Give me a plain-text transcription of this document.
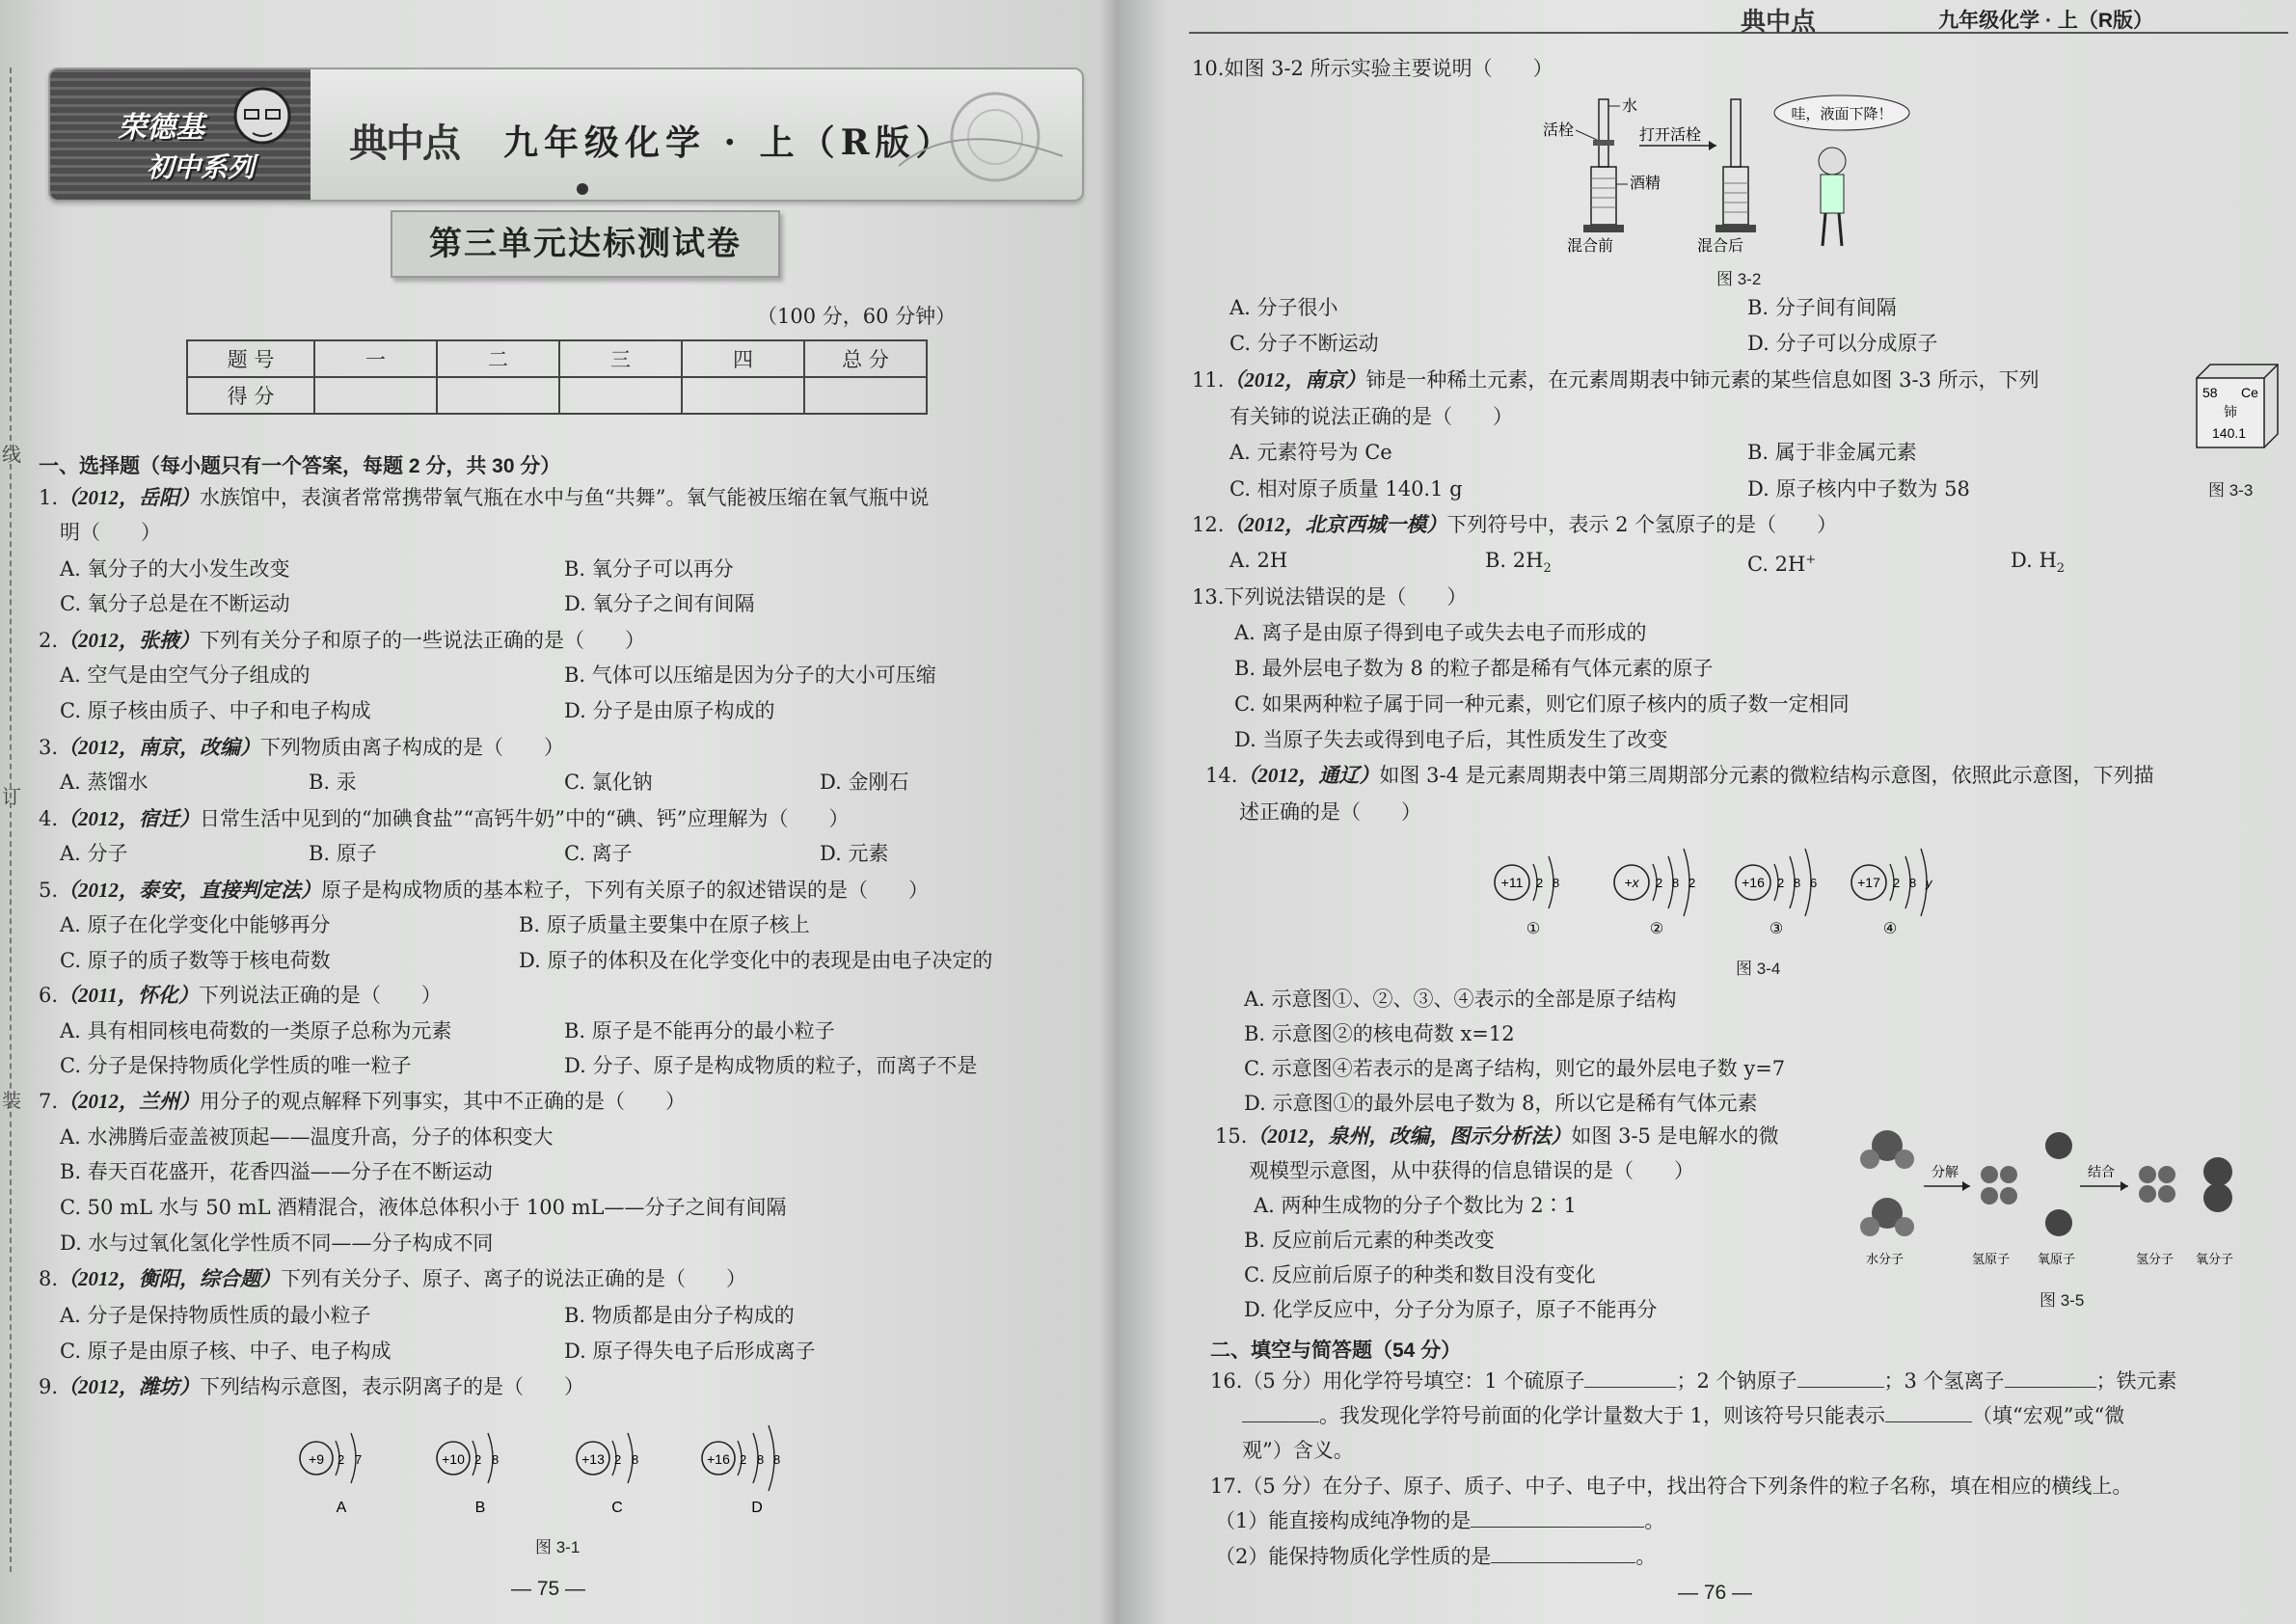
线
订
装
荣德基
初中系列
典中点 九年级化学 · 上（R版）
第三单元达标测试卷
（100 分，60 分钟）
题 号	一	二	三	四	总 分
得 分					
一、选择题（每小题只有一个答案，每题 2 分，共 30 分）
1.（2012，岳阳）水族馆中，表演者常常携带氧气瓶在水中与鱼“共舞”。氧气能被压缩在氧气瓶中说
明（　　）
A. 氧分子的大小发生改变	B. 氧分子可以再分
C. 氧分子总是在不断运动	D. 氧分子之间有间隔
2.（2012，张掖）下列有关分子和原子的一些说法正确的是（　　）
A. 空气是由空气分子组成的	B. 气体可以压缩是因为分子的大小可压缩
C. 原子核由质子、中子和电子构成	D. 分子是由原子构成的
3.（2012，南京，改编）下列物质由离子构成的是（　　）
A. 蒸馏水	B. 汞	C. 氯化钠	D. 金刚石
4.（2012，宿迁）日常生活中见到的“加碘食盐”“高钙牛奶”中的“碘、钙”应理解为（　　）
A. 分子	B. 原子	C. 离子	D. 元素
5.（2012，泰安，直接判定法）原子是构成物质的基本粒子，下列有关原子的叙述错误的是（　　）
A. 原子在化学变化中能够再分	B. 原子质量主要集中在原子核上
C. 原子的质子数等于核电荷数	D. 原子的体积及在化学变化中的表现是由电子决定的
6.（2011，怀化）下列说法正确的是（　　）
A. 具有相同核电荷数的一类原子总称为元素	B. 原子是不能再分的最小粒子
C. 分子是保持物质化学性质的唯一粒子	D. 分子、原子是构成物质的粒子，而离子不是
7.（2012，兰州）用分子的观点解释下列事实，其中不正确的是（　　）
A. 水沸腾后壶盖被顶起——温度升高，分子的体积变大
B. 春天百花盛开，花香四溢——分子在不断运动
C. 50 mL 水与 50 mL 酒精混合，液体总体积小于 100 mL——分子之间有间隔
D. 水与过氧化氢化学性质不同——分子构成不同
8.（2012，衡阳，综合题）下列有关分子、原子、离子的说法正确的是（　　）
A. 分子是保持物质性质的最小粒子	B. 物质都是由分子构成的
C. 原子是由原子核、中子、电子构成	D. 原子得失电子后形成离子
9.（2012，潍坊）下列结构示意图，表示阴离子的是（　　）
+9 2 7
A
+10 2 8
B
+13 2 8
C
+16 2 8 8
D
图 3-1
— 75 —
典中点	九年级化学 · 上（R版）
10.如图 3-2 所示实验主要说明（　　）
活栓
水
酒精
打开活栓
混合前	混合后
哇，液面下降！
图 3-2
A. 分子很小	B. 分子间有间隔
C. 分子不断运动	D. 分子可以分成原子
11.（2012，南京）铈是一种稀土元素，在元素周期表中铈元素的某些信息如图 3-3 所示，下列
有关铈的说法正确的是（　　）
A. 元素符号为 Ce	B. 属于非金属元素
C. 相对原子质量 140.1 g	D. 原子核内中子数为 58
58 Ce
铈
140.1
图 3-3
12.（2012，北京西城一模）下列符号中，表示 2 个氢原子的是（　　）
A. 2H	B. $2H_2$	C. 2H+	D. $H_2$
13.下列说法错误的是（　　）
A. 离子是由原子得到电子或失去电子而形成的
B. 最外层电子数为 8 的粒子都是稀有气体元素的原子
C. 如果两种粒子属于同一种元素，则它们原子核内的质子数一定相同
D. 当原子失去或得到电子后，其性质发生了改变
14.（2012，通辽）如图 3-4 是元素周期表中第三周期部分元素的微粒结构示意图，依照此示意图，下列描
述正确的是（　　）
+11 2 8
①
+x 2 8 2
②
+16 2 8 6
③
+17 2 8 y
④
图 3-4
A. 示意图①、②、③、④表示的全部是原子结构
B. 示意图②的核电荷数 x=12
C. 示意图④若表示的是离子结构，则它的最外层电子数 y=7
D. 示意图①的最外层电子数为 8，所以它是稀有气体元素
15.（2012，泉州，改编，图示分析法）如图 3-5 是电解水的微
观模型示意图，从中获得的信息错误的是（　　）
A. 两种生成物的分子个数比为 2∶1
B. 反应前后元素的种类改变
C. 反应前后原子的种类和数目没有变化
D. 化学反应中，分子分为原子，原子不能再分
分解	结合
水分子	氢原子 氧原子	氢分子 氧分子
图 3-5
二、填空与简答题（54 分）
16.（5 分）用化学符号填空：1 个硫原子	；2 个钠原子	；3 个氢离子	；铁元素
。我发现化学符号前面的化学计量数大于 1，则该符号只能表示	（填“宏观”或“微
观”）含义。
17.（5 分）在分子、原子、质子、中子、电子中，找出符合下列条件的粒子名称，填在相应的横线上。
（1）能直接构成纯净物的是	。
（2）能保持物质化学性质的是	。
— 76 —
